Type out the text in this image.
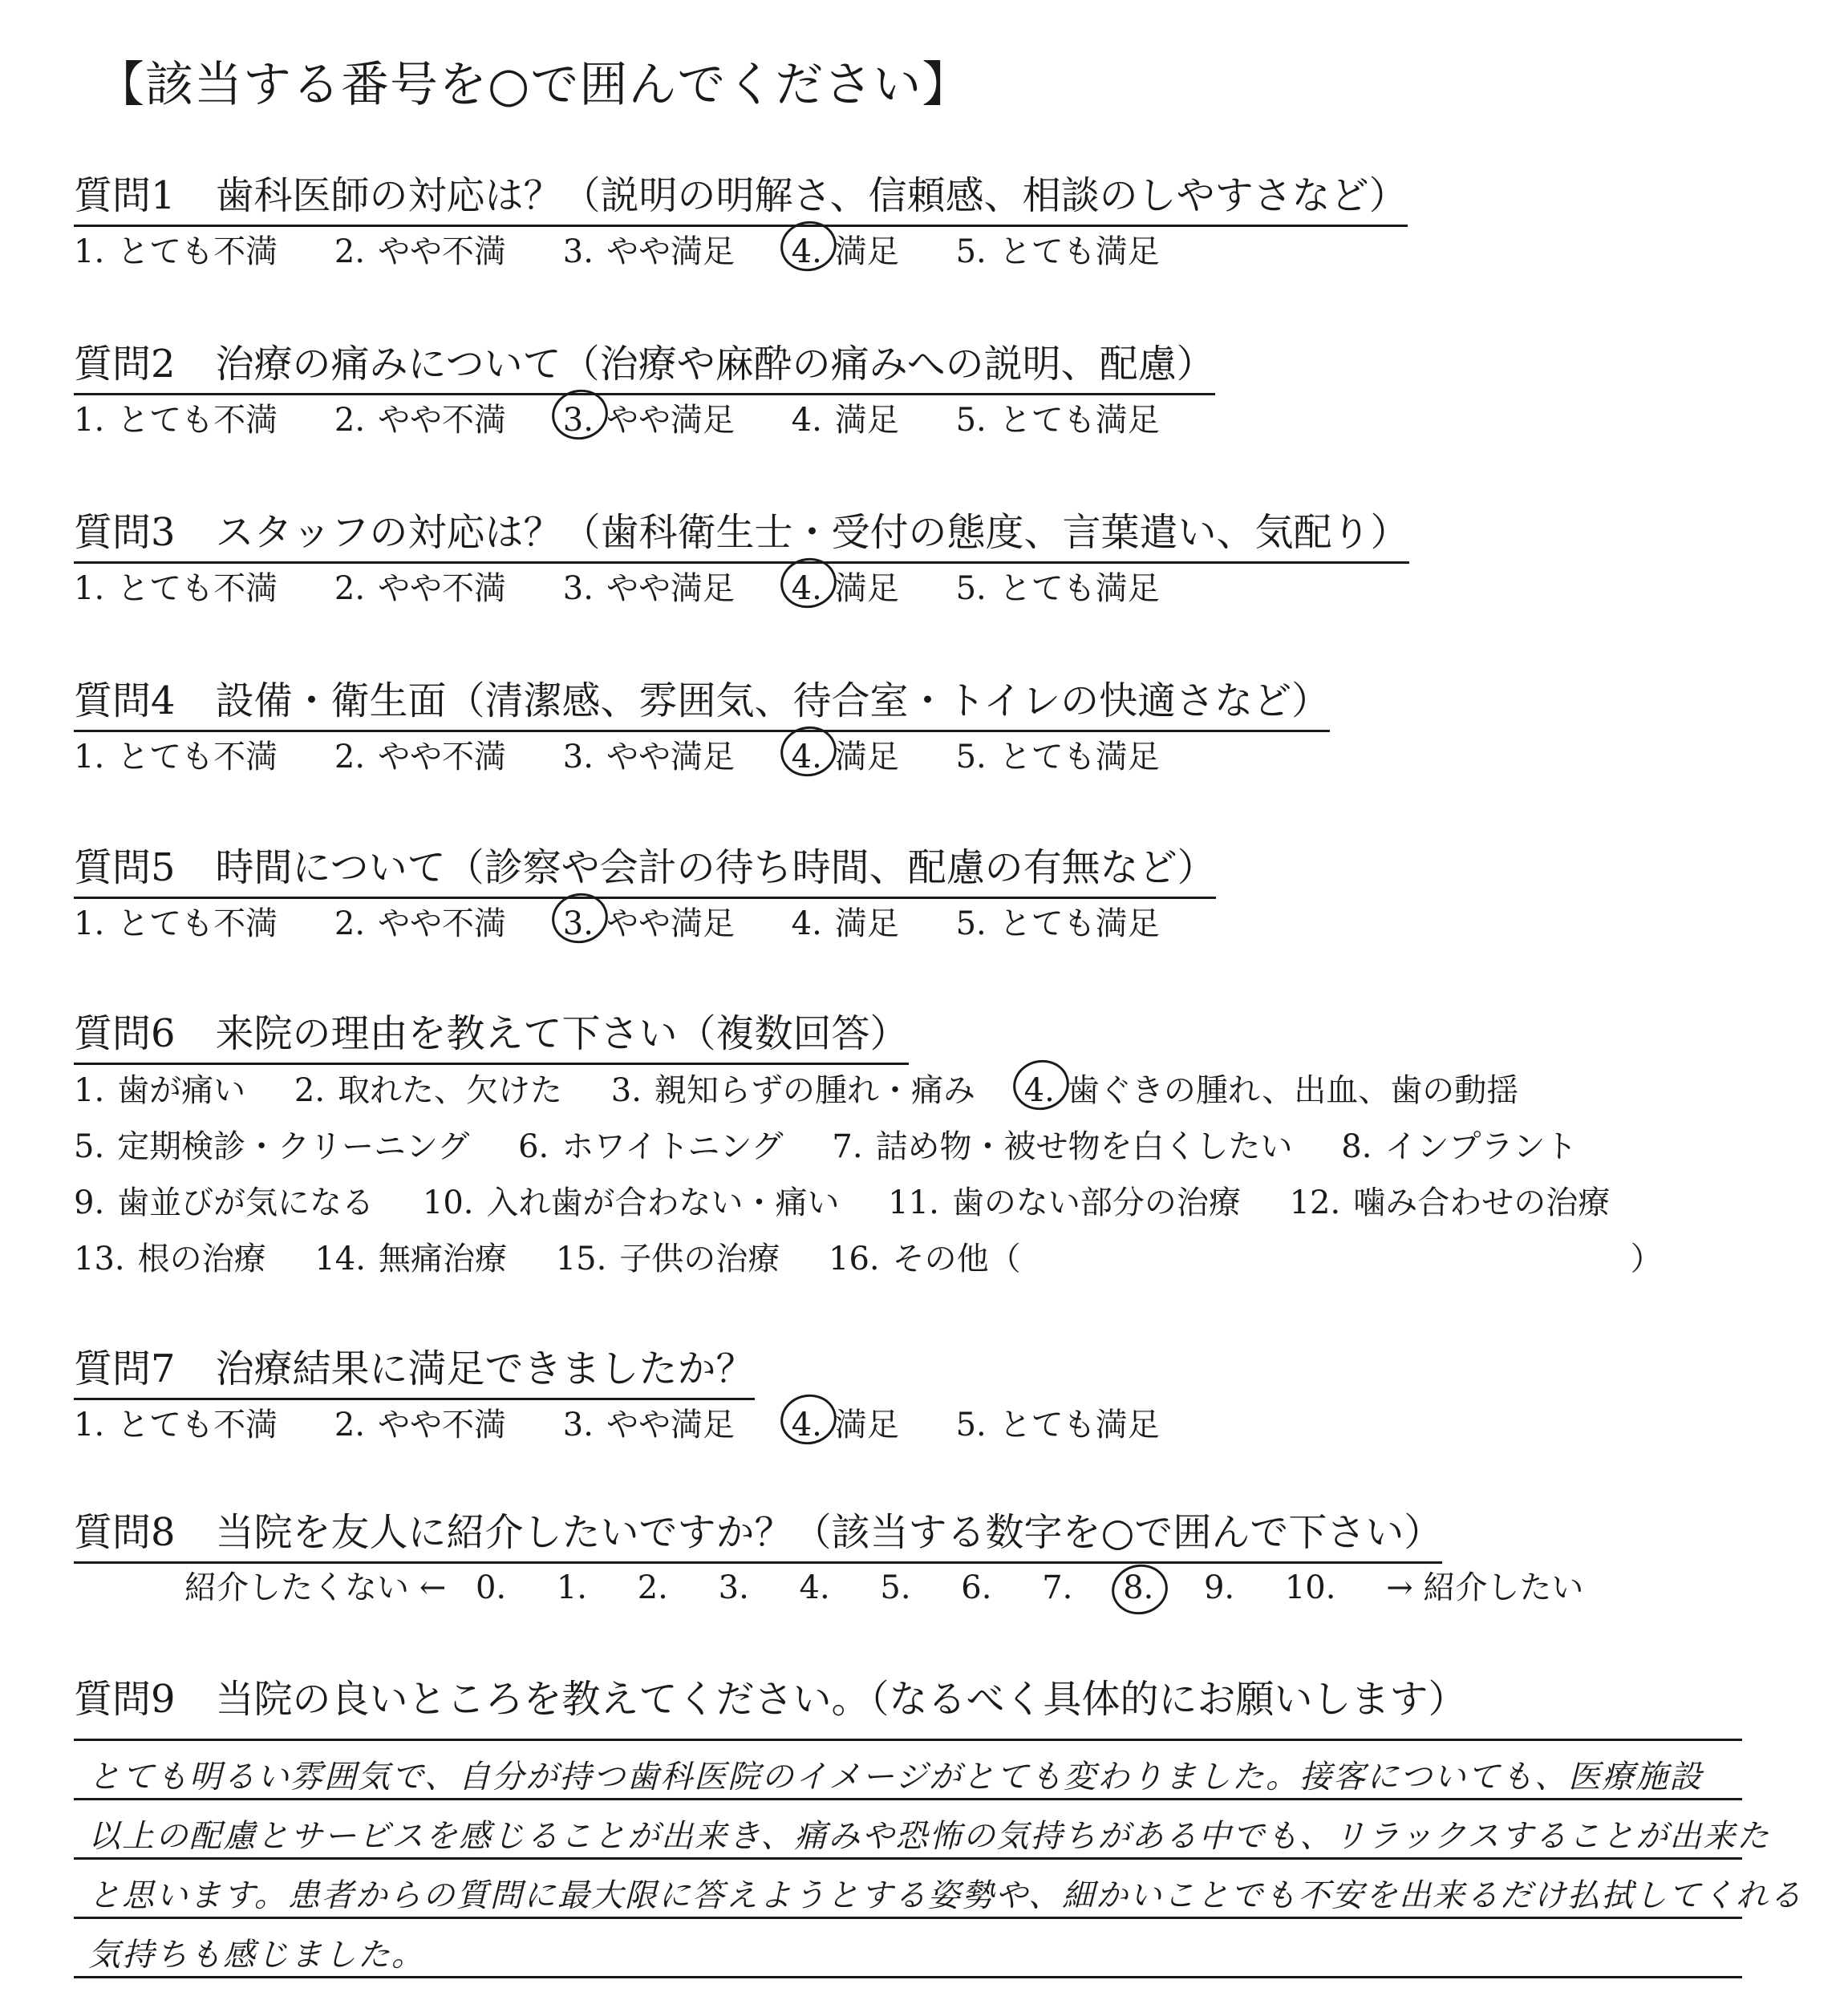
【該当する番号を○で囲んでください】
質問1 歯科医師の対応は？（説明の明解さ、信頼感、相談のしやすさなど）
1. とても不満 2. やや不満 3. やや満足 4. 満足 5. とても満足
質問2 治療の痛みについて（治療や麻酔の痛みへの説明、配慮）
1. とても不満 2. やや不満 3. やや満足 4. 満足 5. とても満足
質問3 スタッフの対応は？（歯科衛生士・受付の態度、言葉遣い、気配り）
1. とても不満 2. やや不満 3. やや満足 4. 満足 5. とても満足
質問4 設備・衛生面（清潔感、雰囲気、待合室・トイレの快適さなど）
1. とても不満 2. やや不満 3. やや満足 4. 満足 5. とても満足
質問5 時間について（診察や会計の待ち時間、配慮の有無など）
1. とても不満 2. やや不満 3. やや満足 4. 満足 5. とても満足
質問6 来院の理由を教えて下さい（複数回答）
1. 歯が痛い 2. 取れた、欠けた 3. 親知らずの腫れ・痛み 4. 歯ぐきの腫れ、出血、歯の動揺
5. 定期検診・クリーニング 6. ホワイトニング 7. 詰め物・被せ物を白くしたい 8. インプラント
9. 歯並びが気になる 10. 入れ歯が合わない・痛い 11. 歯のない部分の治療 12. 噛み合わせの治療
13. 根の治療 14. 無痛治療 15. 子供の治療 16. その他（	）
質問7 治療結果に満足できましたか？
1. とても不満 2. やや不満 3. やや満足 4. 満足 5. とても満足
質問8 当院を友人に紹介したいですか？（該当する数字を○で囲んで下さい）
紹介したくない ← 0. 1. 2. 3. 4. 5. 6. 7. 8. 9. 10. → 紹介したい
質問9 当院の良いところを教えてください。（なるべく具体的にお願いします）
とても明るい雰囲気で、自分が持つ歯科医院のイメージがとても変わりました。接客についても、医療施設
以上の配慮とサービスを感じることが出来き、痛みや恐怖の気持ちがある中でも、リラックスすることが出来た
と思います。患者からの質問に最大限に答えようとする姿勢や、細かいことでも不安を出来るだけ払拭してくれる
気持ちも感じました。
